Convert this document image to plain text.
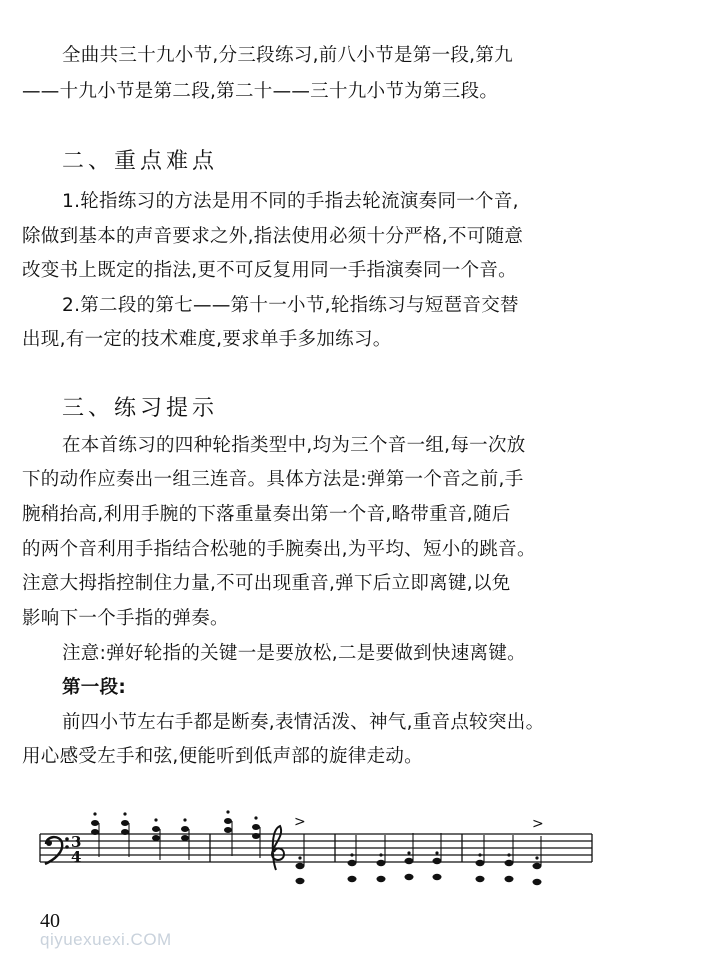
全曲共三十九小节,分三段练习,前八小节是第一段,第九
——十九小节是第二段,第二十——三十九小节为第三段。
二、重点难点
1.轮指练习的方法是用不同的手指去轮流演奏同一个音,
除做到基本的声音要求之外,指法使用必须十分严格,不可随意
改变书上既定的指法,更不可反复用同一手指演奏同一个音。
2.第二段的第七——第十一小节,轮指练习与短琶音交替
出现,有一定的技术难度,要求单手多加练习。
三、练习提示
在本首练习的四种轮指类型中,均为三个音一组,每一次放
下的动作应奏出一组三连音。具体方法是:弹第一个音之前,手
腕稍抬高,利用手腕的下落重量奏出第一个音,略带重音,随后
的两个音利用手指结合松驰的手腕奏出,为平均、短小的跳音。
注意大拇指控制住力量,不可出现重音,弹下后立即离键,以免
影响下一个手指的弹奏。
注意:弹好轮指的关键一是要放松,二是要做到快速离键。
第一段:
前四小节左右手都是断奏,表情活泼、神气,重音点较突出。
用心感受左手和弦,便能听到低声部的旋律走动。
3
4
>	>
40
qiyuexuexi.COM
